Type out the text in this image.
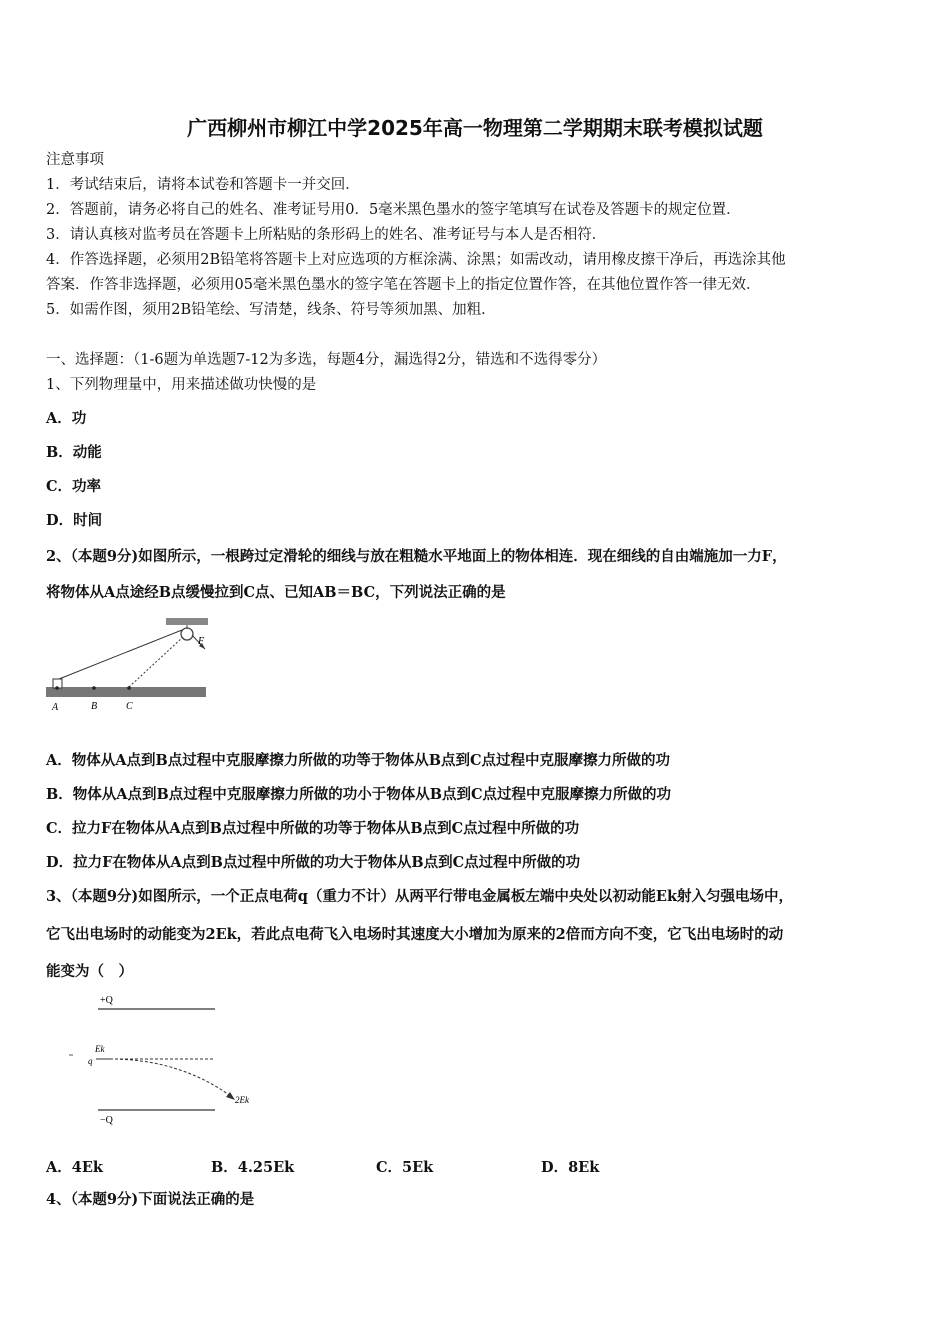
广西柳州市柳江中学2025年高一物理第二学期期末联考模拟试题
注意事项
1．考试结束后，请将本试卷和答题卡一并交回．
2．答题前，请务必将自己的姓名、准考证号用0．5毫米黑色墨水的签字笔填写在试卷及答题卡的规定位置．
3．请认真核对监考员在答题卡上所粘贴的条形码上的姓名、准考证号与本人是否相符．
4．作答选择题，必须用2B铅笔将答题卡上对应选项的方框涂满、涂黑；如需改动，请用橡皮擦干净后，再选涂其他
答案．作答非选择题，必须用05毫米黑色墨水的签字笔在答题卡上的指定位置作答，在其他位置作答一律无效．
5．如需作图，须用2B铅笔绘、写清楚，线条、符号等须加黑、加粗．
一、选择题：（1-6题为单选题7-12为多选，每题4分，漏选得2分，错选和不选得零分）
1、下列物理量中，用来描述做功快慢的是
A．功
B．动能
C．功率
D．时间
2、（本题9分)如图所示，一根跨过定滑轮的细线与放在粗糙水平地面上的物体相连．现在细线的自由端施加一力F，
将物体从A点途经B点缓慢拉到C点、已知AB＝BC，下列说法正确的是
A	B	C
F
A．物体从A点到B点过程中克服摩擦力所做的功等于物体从B点到C点过程中克服摩擦力所做的功
B．物体从A点到B点过程中克服摩擦力所做的功小于物体从B点到C点过程中克服摩擦力所做的功
C．拉力F在物体从A点到B点过程中所做的功等于物体从B点到C点过程中所做的功
D．拉力F在物体从A点到B点过程中所做的功大于物体从B点到C点过程中所做的功
3、（本题9分)如图所示，一个正点电荷q（重力不计）从两平行带电金属板左端中央处以初动能Ek射入匀强电场中，
它飞出电场时的动能变为2Ek，若此点电荷飞入电场时其速度大小增加为原来的2倍而方向不变，它飞出电场时的动
能变为（　）
+Q
−Q
Ek
q
2Ek
A．4Ek	B．4.25Ek	C．5Ek	D．8Ek
4、（本题9分)下面说法正确的是
